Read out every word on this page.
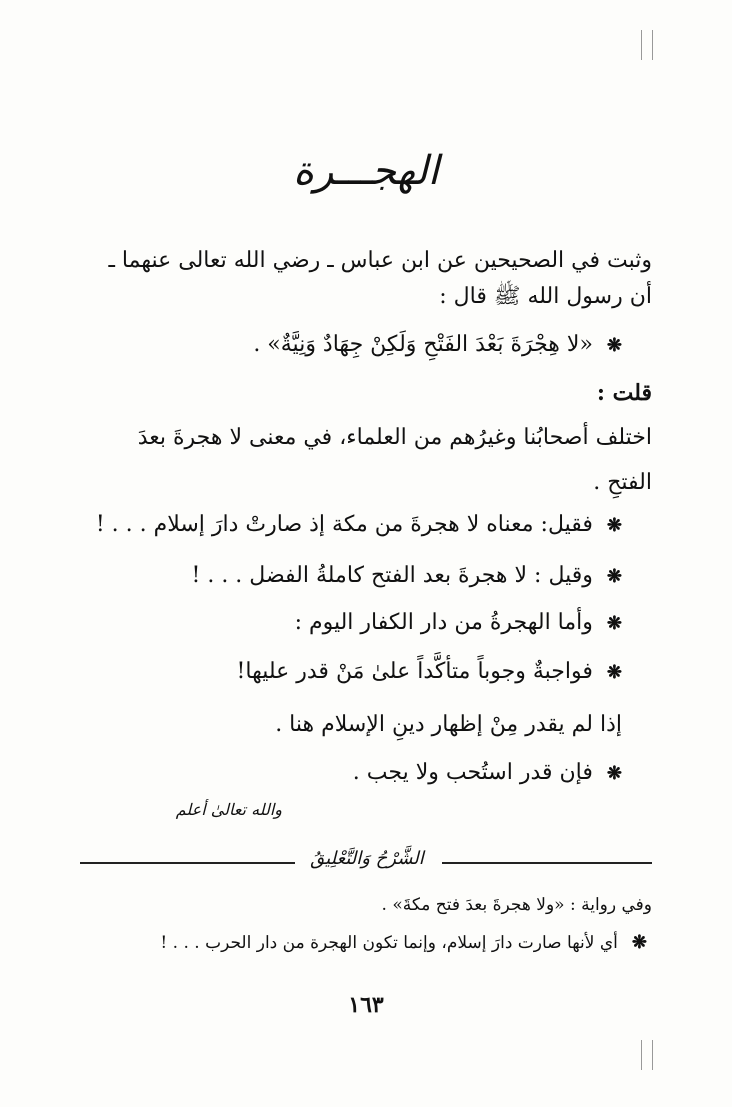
الهجـــرة
وثبت في الصحيحين عن ابن عباس ـ رضي الله تعالى عنهما ـ
أن رسول الله ﷺ قال :
❋«لا هِجْرَةَ بَعْدَ الفَتْحِ وَلَكِنْ جِهَادٌ وَنِيَّةٌ» .
قلت :
اختلف أصحابُنا وغيرُهم من العلماء، في معنى لا هجرةَ بعدَ
الفتحِ .
❋فقيل: معناه لا هجرةَ من مكة إذ صارتْ دارَ إسلام . . . !
❋وقيل : لا هجرةَ بعد الفتح كاملةُ الفضل . . . !
❋وأما الهجرةُ من دار الكفار اليوم :
❋فواجبةٌ وجوباً متأكَّداً علىٰ مَنْ قدر عليها!
إذا لم يقدر مِنْ إظهار دينِ الإسلام هنا .
❋فإن قدر استُحب ولا يجب .
والله تعالىٰ أعلم
الشَّرْحُ وَالتَّعْلِيقُ
وفي رواية : «ولا هجرةَ بعدَ فتح مكةَ» .
❋أي لأنها صارت دارَ إسلام، وإنما تكون الهجرة من دار الحرب . . . !
١٦٣
